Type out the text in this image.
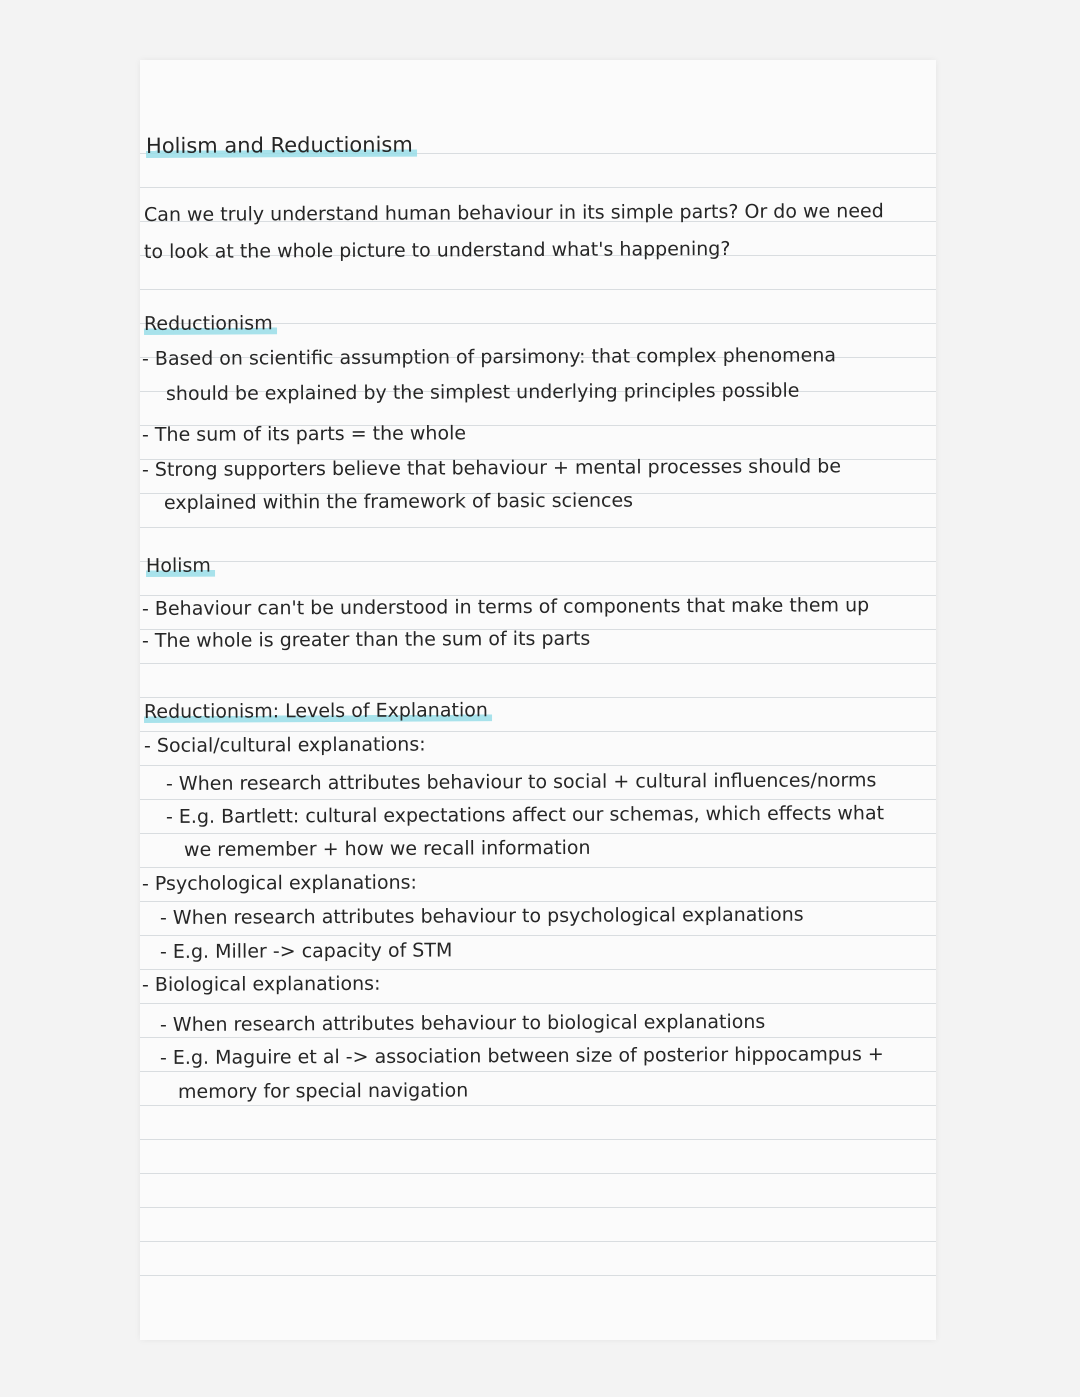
Holism and Reductionism
Can we truly understand human behaviour in its simple parts? Or do we need
to look at the whole picture to understand what's happening?
Reductionism
- Based on scientific assumption of parsimony: that complex phenomena
should be explained by the simplest underlying principles possible
- The sum of its parts = the whole
- Strong supporters believe that behaviour + mental processes should be
explained within the framework of basic sciences
Holism
- Behaviour can't be understood in terms of components that make them up
- The whole is greater than the sum of its parts
Reductionism: Levels of Explanation
- Social/cultural explanations:
- When research attributes behaviour to social + cultural influences/norms
- E.g. Bartlett: cultural expectations affect our schemas, which effects what
we remember + how we recall information
- Psychological explanations:
- When research attributes behaviour to psychological explanations
- E.g. Miller -> capacity of STM
- Biological explanations:
- When research attributes behaviour to biological explanations
- E.g. Maguire et al -> association between size of posterior hippocampus +
memory for special navigation
